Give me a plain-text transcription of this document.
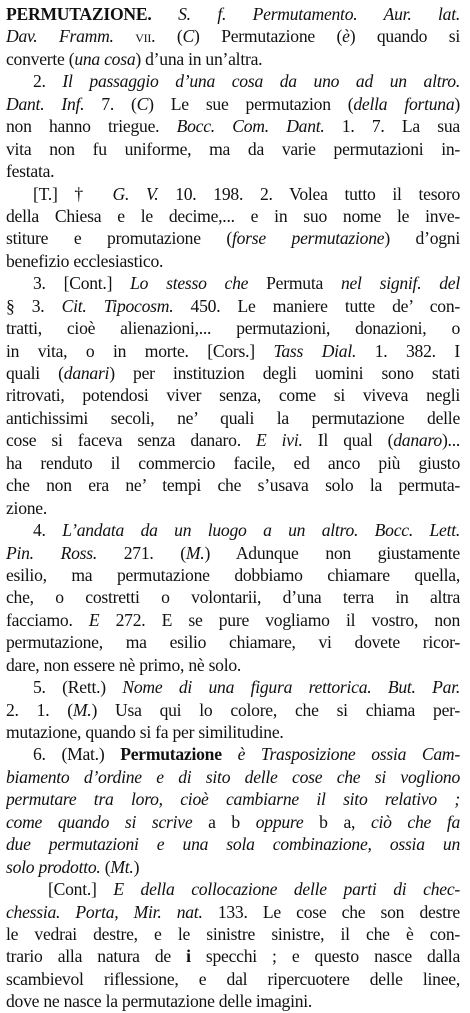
PERMUTAZIONE. S. f. Permutamento. Aur. lat.
Dav. Framm. vii. (C) Permutazione (è) quando si
converte (una cosa) d’una in un’altra.
2. Il passaggio d’una cosa da uno ad un altro.
Dant. Inf. 7. (C) Le sue permutazion (della fortuna)
non hanno triegue. Bocc. Com. Dant. 1. 7. La sua
vita non fu uniforme, ma da varie permutazioni in-
festata.
[T.] † G. V. 10. 198. 2. Volea tutto il tesoro
della Chiesa e le decime,... e in suo nome le inve-
stiture e promutazione (forse permutazione) d’ogni
benefizio ecclesiastico.
3. [Cont.] Lo stesso che Permuta nel signif. del
§ 3. Cit. Tipocosm. 450. Le maniere tutte de’ con-
tratti, cioè alienazioni,... permutazioni, donazioni, o
in vita, o in morte. [Cors.] Tass Dial. 1. 382. I
quali (danari) per instituzion degli uomini sono stati
ritrovati, potendosi viver senza, come si viveva negli
antichissimi secoli, ne’ quali la permutazione delle
cose si faceva senza danaro. E ivi. Il qual (danaro)...
ha renduto il commercio facile, ed anco più giusto
che non era ne’ tempi che s’usava solo la permuta-
zione.
4. L’andata da un luogo a un altro. Bocc. Lett.
Pin. Ross. 271. (M.) Adunque non giustamente
esilio, ma permutazione dobbiamo chiamare quella,
che, o costretti o volontarii, d’una terra in altra
facciamo. E 272. E se pure vogliamo il vostro, non
permutazione, ma esilio chiamare, vi dovete ricor-
dare, non essere nè primo, nè solo.
5. (Rett.) Nome di una figura rettorica. But. Par.
2. 1. (M.) Usa qui lo colore, che si chiama per-
mutazione, quando si fa per similitudine.
6. (Mat.) Permutazione è Trasposizione ossia Cam-
biamento d’ordine e di sito delle cose che si vogliono
permutare tra loro, cioè cambiarne il sito relativo ;
come quando si scrive a b oppure b a, ciò che fa
due permutazioni e una sola combinazione, ossia un
solo prodotto. (Mt.)
[Cont.] E della collocazione delle parti di chec-
chessia. Porta, Mir. nat. 133. Le cose che son destre
le vedrai destre, e le sinistre sinistre, il che è con-
trario alla natura de i specchi ; e questo nasce dalla
scambievol riflessione, e dal ripercuotere delle linee,
dove ne nasce la permutazione delle imagini.
